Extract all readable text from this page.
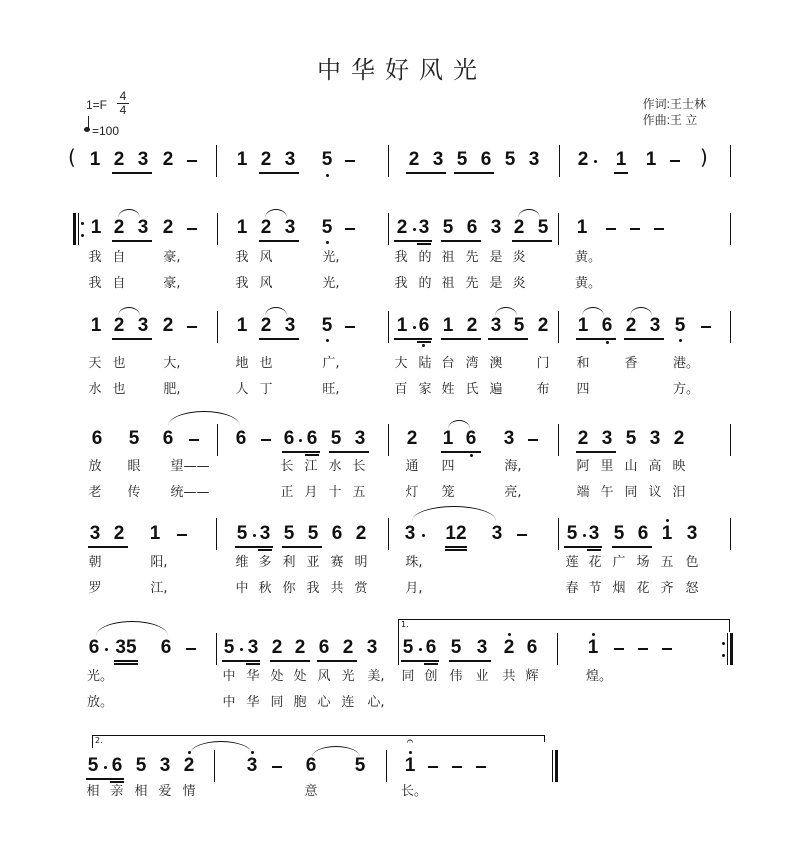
中华好风光
$1=F \frac{4}{4}$
=100
作词:王士林
作曲:王 立
( 1 2 3 2	1 2 3 5	2 3 5 6 5 3 2 1 1 )
1 2 3 2	1 2 3 5	2 3 5 6 3 2 5 1
我 自	豪,	我 风	光,	我 的 祖 先 是 炎	黄。
我 自	豪,	我 风	光,	我 的 祖 先 是 炎	黄。
1 2 3 2	1 2 3 5	1 6 1 2 3 5 2 1 6 2 3 5
天 也	大,	地 也	广,	大 陆 台 湾 澳	门 和	香	港。
水 也	肥,	人 丁	旺,	百 家 姓 氏 遍	布 四	方。
6 5 6	6 6 6 5 3 2 1 6 3	2 3 5 3 2
放 眼 望——	长 江 水 长	通 四	海,	阿 里 山 高 映
老 传 统——	正 月 十 五	灯 笼	亮,	端 午 同 议 汨
3 2 1	5 3 5 5 6 2 3 12 3	5 3 5 6 1 3
朝	阳,	维 多 利 亚 赛 明	珠,	莲 花 广 场 五 色
罗	江,	中 秋 你 我 共 赏	月,	春 节 烟 花 齐 怒
6 35 6	5 3 2 2 6 2 3
1.
5 6 5 3 2 6	1
光。	中 华 处 处 风 光 美, 同 创 伟 业 共 辉	煌。
放。	中 华 同 胞 心 连 心,
2.
5 6 5 3 2	3	6 5
𝄐
1
相 亲 相 爱 情	意	长。
